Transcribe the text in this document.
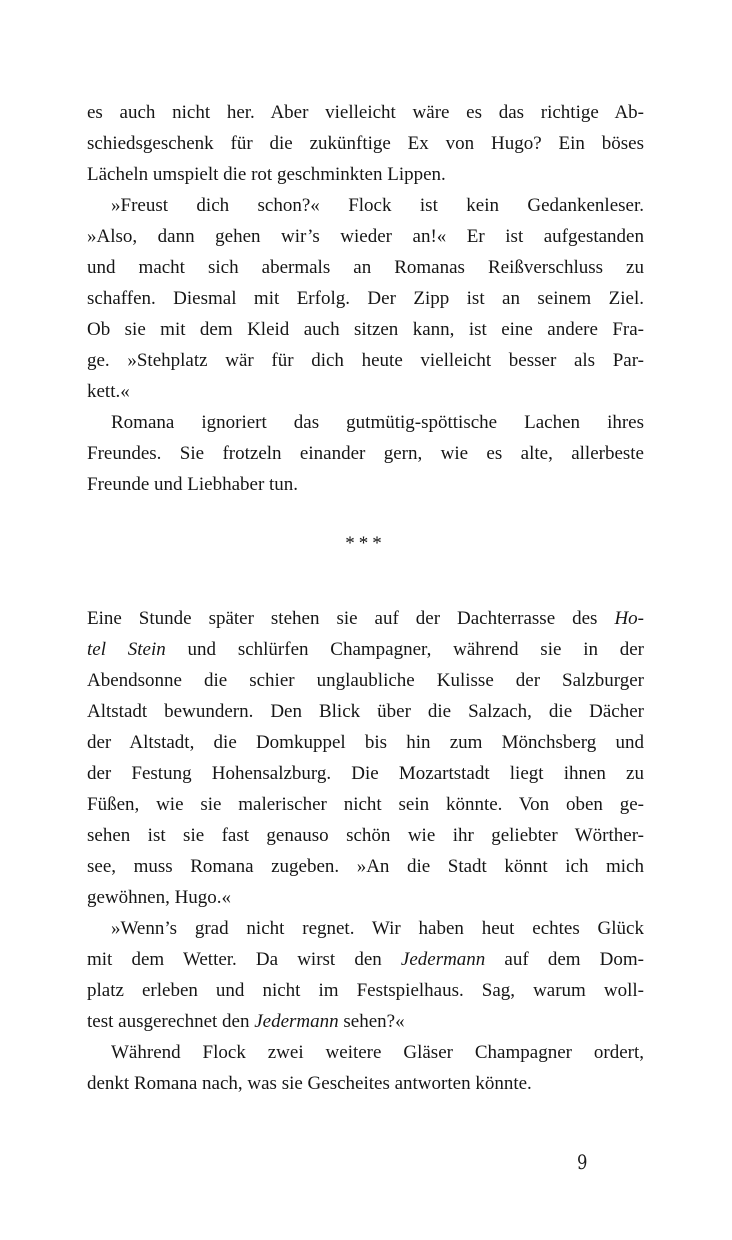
es auch nicht her. Aber vielleicht wäre es das richtige Ab-
schiedsgeschenk für die zukünftige Ex von Hugo? Ein böses
Lächeln umspielt die rot geschminkten Lippen.
»Freust dich schon?« Flock ist kein Gedankenleser.
»Also, dann gehen wir’s wieder an!« Er ist aufgestanden
und macht sich abermals an Romanas Reißverschluss zu
schaffen. Diesmal mit Erfolg. Der Zipp ist an seinem Ziel.
Ob sie mit dem Kleid auch sitzen kann, ist eine andere Fra-
ge. »Stehplatz wär für dich heute vielleicht besser als Par-
kett.«
Romana ignoriert das gutmütig-spöttische Lachen ihres
Freundes. Sie frotzeln einander gern, wie es alte, allerbeste
Freunde und Liebhaber tun.
***
Eine Stunde später stehen sie auf der Dachterrasse des Ho-
tel Stein und schlürfen Champagner, während sie in der
Abendsonne die schier unglaubliche Kulisse der Salzburger
Altstadt bewundern. Den Blick über die Salzach, die Dächer
der Altstadt, die Domkuppel bis hin zum Mönchsberg und
der Festung Hohensalzburg. Die Mozartstadt liegt ihnen zu
Füßen, wie sie malerischer nicht sein könnte. Von oben ge-
sehen ist sie fast genauso schön wie ihr geliebter Wörther-
see, muss Romana zugeben. »An die Stadt könnt ich mich
gewöhnen, Hugo.«
»Wenn’s grad nicht regnet. Wir haben heut echtes Glück
mit dem Wetter. Da wirst den Jedermann auf dem Dom-
platz erleben und nicht im Festspielhaus. Sag, warum woll-
test ausgerechnet den Jedermann sehen?«
Während Flock zwei weitere Gläser Champagner ordert,
denkt Romana nach, was sie Gescheites antworten könnte.
9
